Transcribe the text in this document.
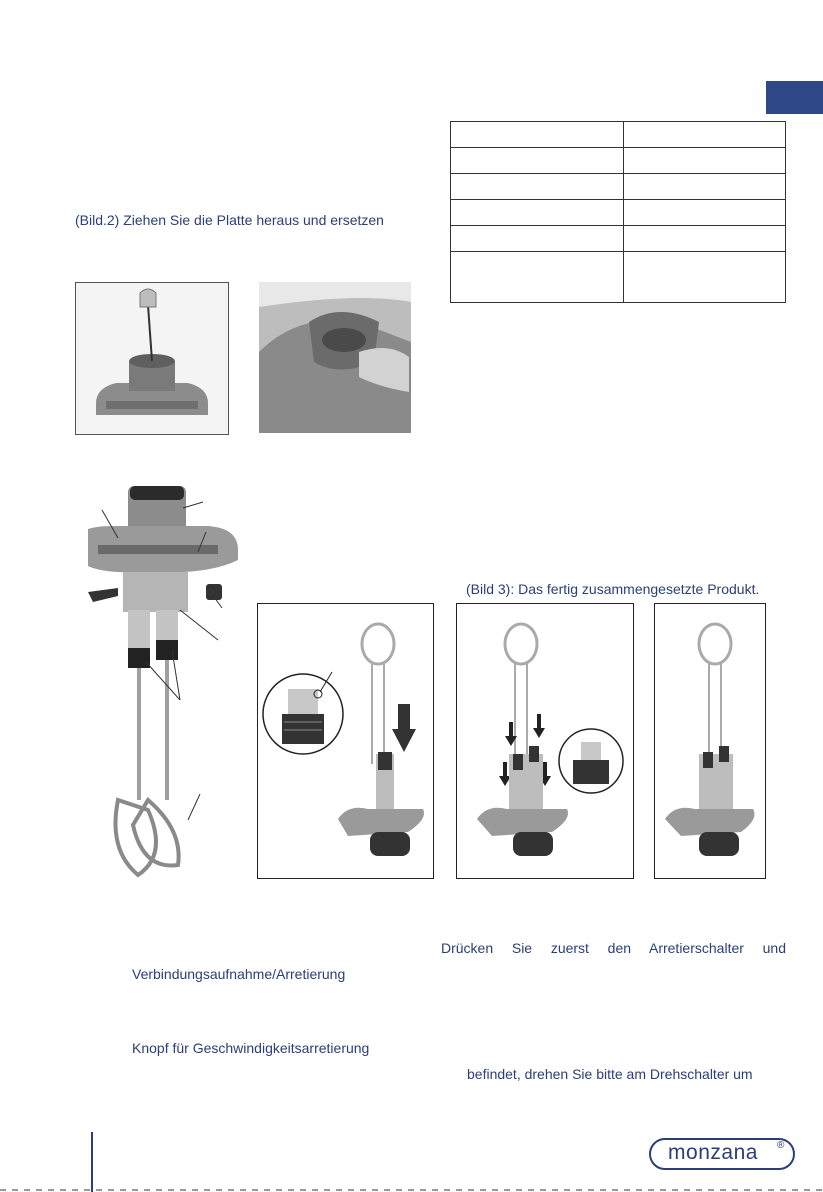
(Bild.2) Ziehen Sie die Platte heraus und ersetzen

(Bild 3): Das fertig zusammengesetzte Produkt.
Drücken Sie zuerst den Arretierschalter und
Verbindungsaufnahme/Arretierung
Knopf für Geschwindigkeitsarretierung
befindet, drehen Sie bitte am Drehschalter um
monzana	®
